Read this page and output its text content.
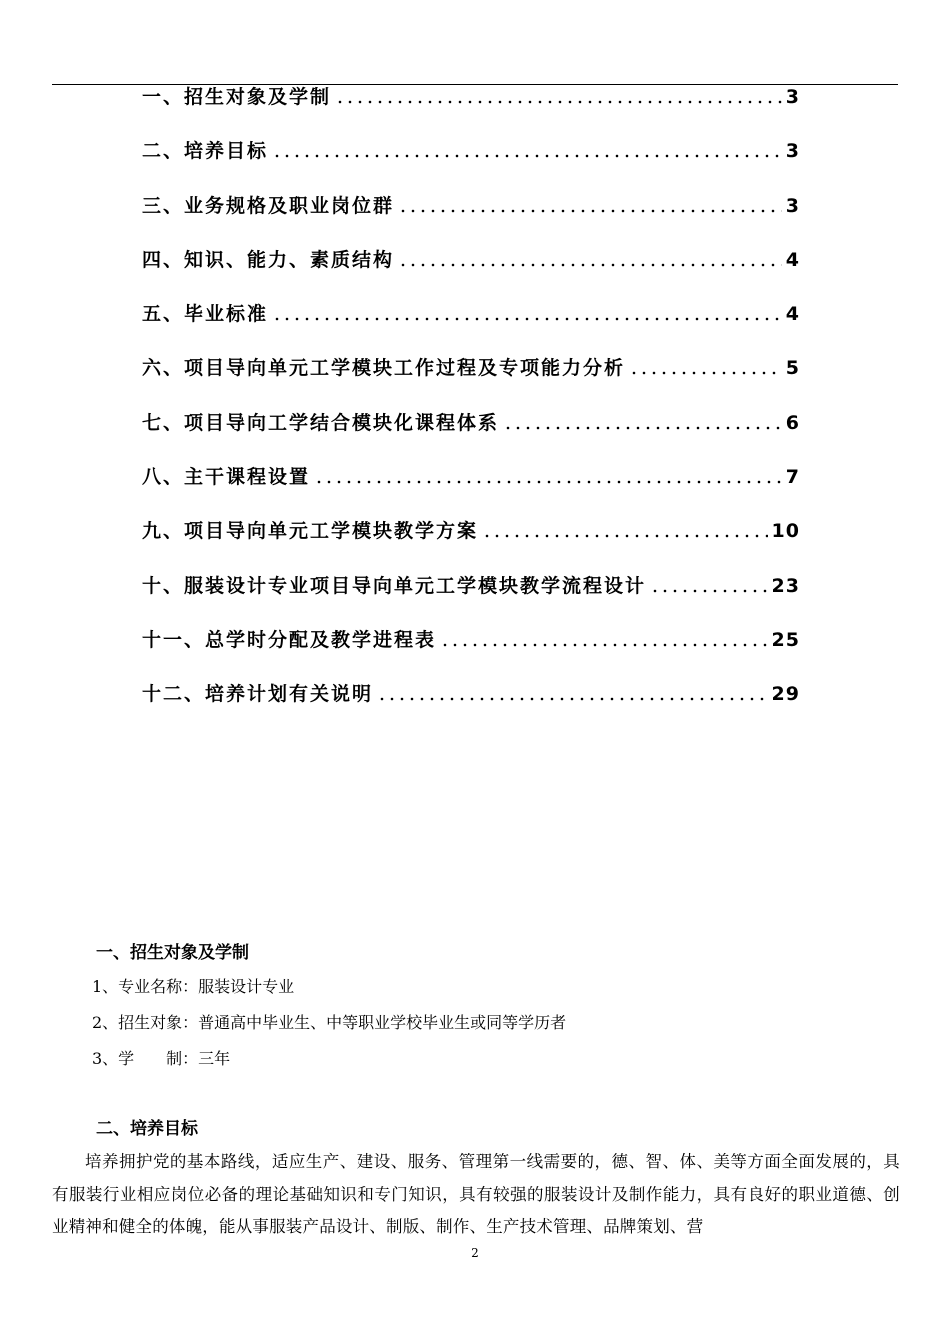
一、招生对象及学制	3
二、培养目标	3
三、业务规格及职业岗位群	3
四、知识、能力、素质结构	4
五、毕业标准	4
六、项目导向单元工学模块工作过程及专项能力分析	5
七、项目导向工学结合模块化课程体系	6
八、主干课程设置	7
九、项目导向单元工学模块教学方案	10
十、服装设计专业项目导向单元工学模块教学流程设计	23
十一、总学时分配及教学进程表	25
十二、培养计划有关说明	29
一、招生对象及学制
1、专业名称：服装设计专业
2、招生对象：普通高中毕业生、中等职业学校毕业生或同等学历者
3、学　　制：三年
二、培养目标

培养拥护党的基本路线，适应生产、建设、服务、管理第一线需要的，德、智、体、美等方面全面发展的，具有服装行业相应岗位必备的理论基础知识和专门知识，具有较强的服装设计及制作能力，具有良好的职业道德、创业精神和健全的体魄，能从事服装产品设计、制版、制作、生产技术管理、品牌策划、营

2
